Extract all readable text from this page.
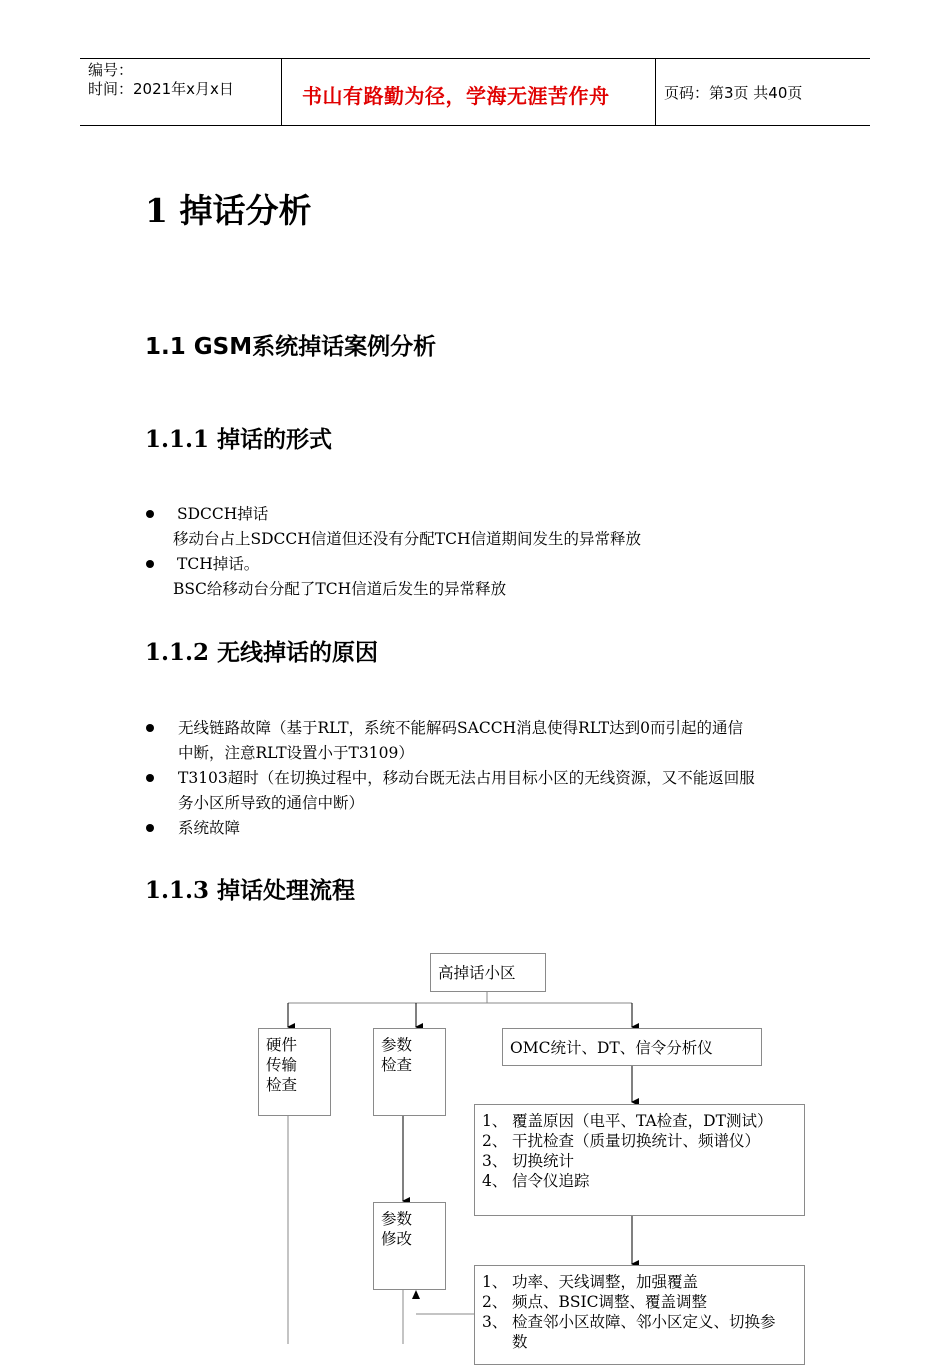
编号：
时间：2021年x月x日	书山有路勤为径，学海无涯苦作舟	页码：第3页 共40页
1 掉话分析
1.1 GSM系统掉话案例分析
1.1.1 掉话的形式
SDCCH掉话
移动台占上SDCCH信道但还没有分配TCH信道期间发生的异常释放
TCH掉话。
BSC给移动台分配了TCH信道后发生的异常释放
1.1.2 无线掉话的原因
无线链路故障（基于RLT，系统不能解码SACCH消息使得RLT达到0而引起的通信
中断，注意RLT设置小于T3109）
T3103超时（在切换过程中，移动台既无法占用目标小区的无线资源，又不能返回服
务小区所导致的通信中断）
系统故障
1.1.3 掉话处理流程
高掉话小区
硬件
传输
检查
参数
检查
OMC统计、DT、信令分析仪
1、 覆盖原因（电平、TA检查，DT测试）
2、 干扰检查（质量切换统计、频谱仪）
3、 切换统计
4、 信令仪追踪
参数
修改
1、 功率、天线调整，加强覆盖
2、 频点、BSIC调整、覆盖调整
3、 检查邻小区故障、邻小区定义、切换参
数
